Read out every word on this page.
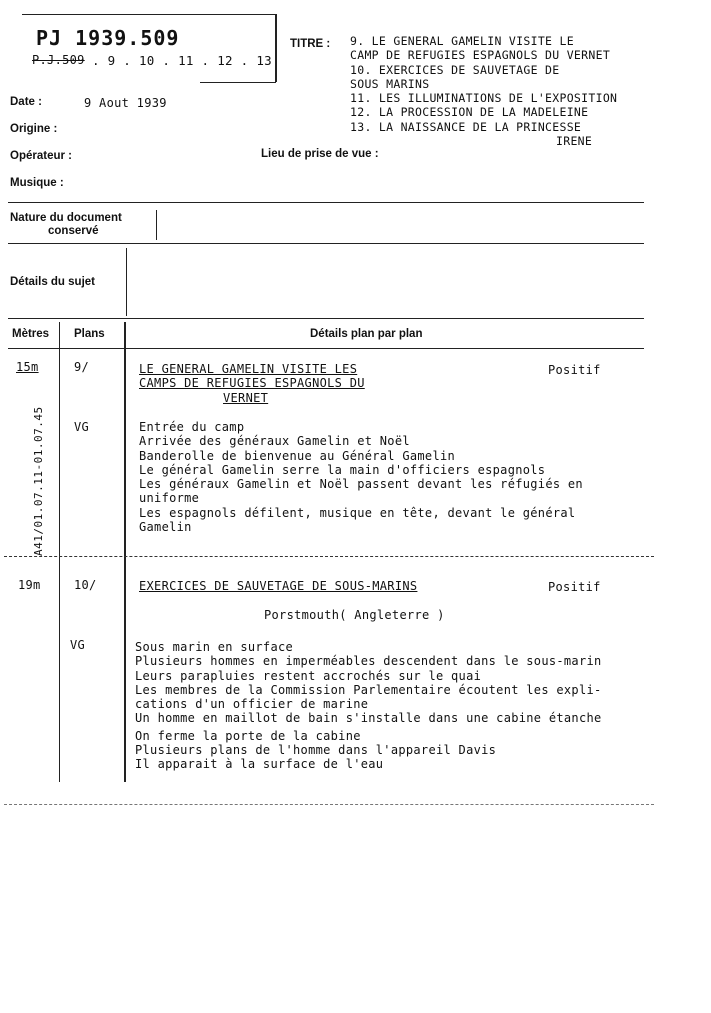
PJ 1939.509
P.J.509 . 9 . 10 . 11 . 12 . 13
TITRE : 9. LE GENERAL GAMELIN VISITE LE
CAMP DE REFUGIES ESPAGNOLS DU VERNET
10. EXERCICES DE SAUVETAGE DE
SOUS MARINS
11. LES ILLUMINATIONS DE L'EXPOSITION
12. LA PROCESSION DE LA MADELEINE
13. LA NAISSANCE DE LA PRINCESSE
IRENE
Date :	9 Aout 1939
Origine :
Opérateur :	Lieu de prise de vue :
Musique :
Nature du document
conservé
Détails du sujet
Mètres Plans	Détails plan par plan
A41/01.07.11-01.07.45
15m	9/	LE GENERAL GAMELIN VISITE LES
CAMPS DE REFUGIES ESPAGNOLS DU
VERNET
Positif
VG	Entrée du camp
Arrivée des généraux Gamelin et Noël
Banderolle de bienvenue au Général Gamelin
Le général Gamelin serre la main d'officiers espagnols
Les généraux Gamelin et Noël passent devant les réfugiés en
uniforme
Les espagnols défilent, musique en tête, devant le général
Gamelin
19m	10/	EXERCICES DE SAUVETAGE DE SOUS-MARINS	Positif
Porstmouth( Angleterre )
VG	Sous marin en surface
Plusieurs hommes en imperméables descendent dans le sous-marin
Leurs parapluies restent accrochés sur le quai
Les membres de la Commission Parlementaire écoutent les expli-
cations d'un officier de marine
Un homme en maillot de bain s'installe dans une cabine étanche
On ferme la porte de la cabine
Plusieurs plans de l'homme dans l'appareil Davis
Il apparait à la surface de l'eau
